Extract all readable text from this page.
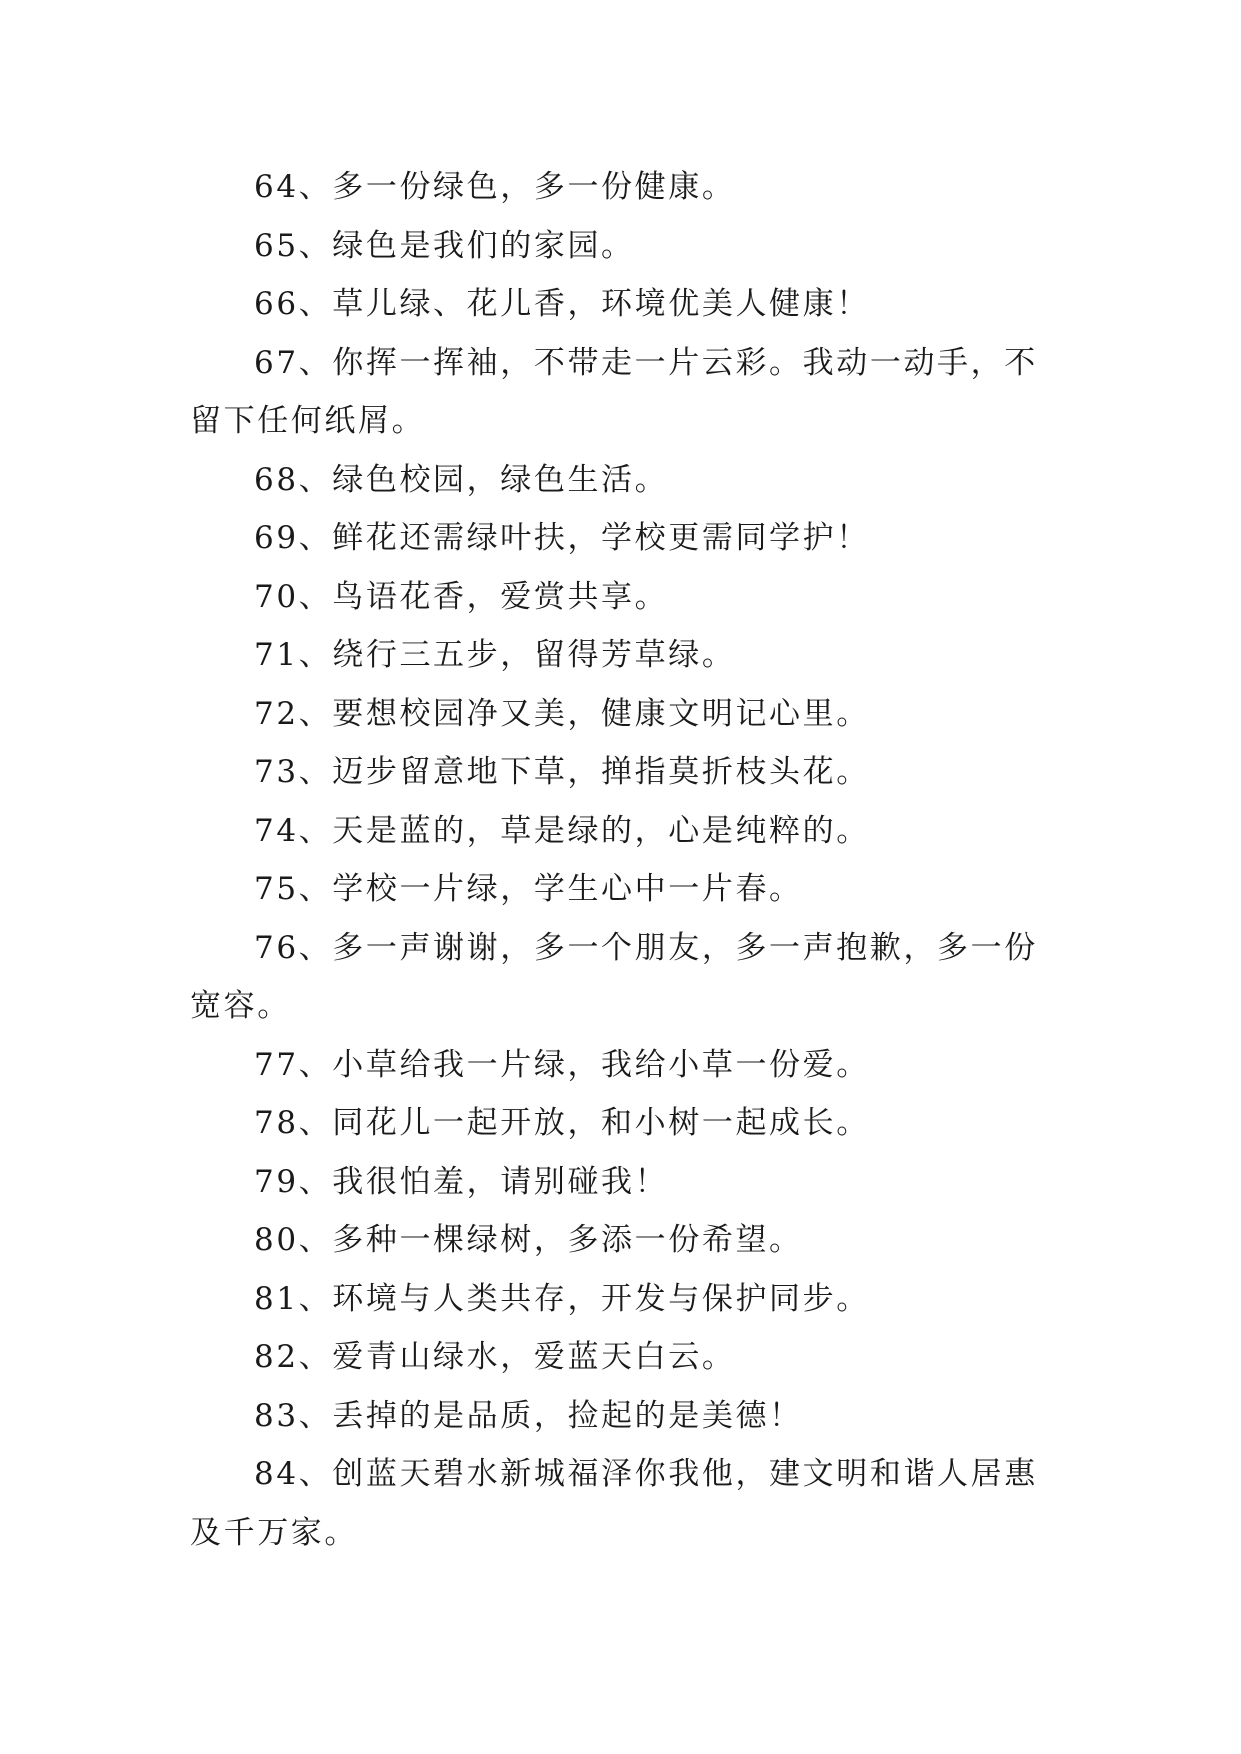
64、多一份绿色，多一份健康。

65、绿色是我们的家园。

66、草儿绿、花儿香，环境优美人健康！

67、你挥一挥袖，不带走一片云彩。我动一动手，不留下任何纸屑。

68、绿色校园，绿色生活。

69、鲜花还需绿叶扶，学校更需同学护！

70、鸟语花香，爱赏共享。

71、绕行三五步，留得芳草绿。

72、要想校园净又美，健康文明记心里。

73、迈步留意地下草，掸指莫折枝头花。

74、天是蓝的，草是绿的，心是纯粹的。

75、学校一片绿，学生心中一片春。

76、多一声谢谢，多一个朋友，多一声抱歉，多一份宽容。

77、小草给我一片绿，我给小草一份爱。

78、同花儿一起开放，和小树一起成长。

79、我很怕羞，请别碰我！

80、多种一棵绿树，多添一份希望。

81、环境与人类共存，开发与保护同步。

82、爱青山绿水，爱蓝天白云。

83、丢掉的是品质，捡起的是美德！

84、创蓝天碧水新城福泽你我他，建文明和谐人居惠及千万家。
